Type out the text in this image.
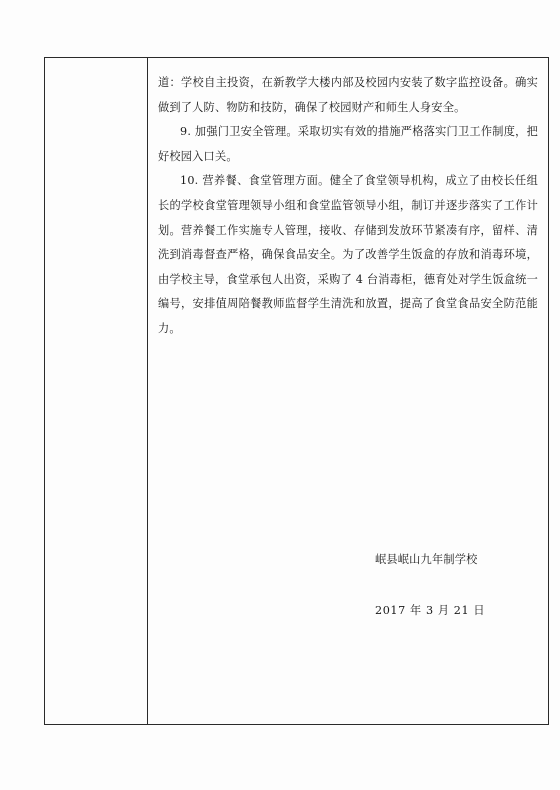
道：学校自主投资，在新教学大楼内部及校园内安装了数字监控设备。确实做到了人防、物防和技防，确保了校园财产和师生人身安全。

9. 加强门卫安全管理。采取切实有效的措施严格落实门卫工作制度，把好校园入口关。

10. 营养餐、食堂管理方面。健全了食堂领导机构，成立了由校长任组长的学校食堂管理领导小组和食堂监管领导小组，制订并逐步落实了工作计划。营养餐工作实施专人管理，接收、存储到发放环节紧凑有序，留样、清洗到消毒督查严格，确保食品安全。为了改善学生饭盒的存放和消毒环境，由学校主导，食堂承包人出资，采购了 4 台消毒柜，德育处对学生饭盒统一编号，安排值周陪餐教师监督学生清洗和放置，提高了食堂食品安全防范能力。

岷县岷山九年制学校
2017 年 3 月 21 日
